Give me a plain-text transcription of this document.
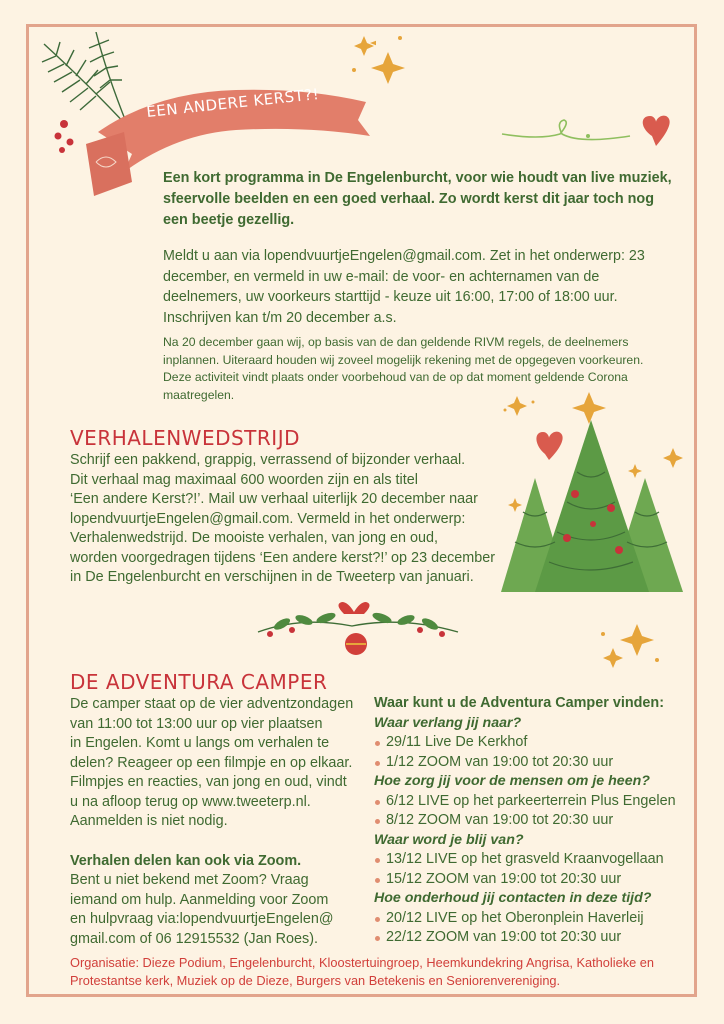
EEN ANDERE KERST?!
Een kort programma in De Engelenburcht, voor wie houdt van live muziek, sfeervolle beelden en een goed verhaal. Zo wordt kerst dit jaar toch nog een beetje gezellig.
Meldt u aan via lopendvuurtjeEngelen@gmail.com. Zet in het onderwerp: 23 december, en vermeld in uw e-mail: de voor- en achternamen van de deelnemers, uw voorkeurs starttijd - keuze uit 16:00, 17:00 of 18:00 uur. Inschrijven kan t/m 20 december a.s.
Na 20 december gaan wij, op basis van de dan geldende RIVM regels, de deelnemers inplannen. Uiteraard houden wij zoveel mogelijk rekening met de opgegeven voorkeuren. Deze activiteit vindt plaats onder voorbehoud van de op dat moment geldende Corona maatregelen.
VERHALENWEDSTRIJD
Schrijf een pakkend, grappig, verrassend of bijzonder verhaal.
Dit verhaal mag maximaal 600 woorden zijn en als titel
‘Een andere Kerst?!’. Mail uw verhaal uiterlijk 20 december naar
lopendvuurtjeEngelen@gmail.com. Vermeld in het onderwerp:
Verhalenwedstrijd. De mooiste verhalen, van jong en oud,
worden voorgedragen tijdens ‘Een andere kerst?!’ op 23 december
in De Engelenburcht en verschijnen in de Tweeterp van januari.
DE ADVENTURA CAMPER
De camper staat op de vier adventzondagen
van 11:00 tot 13:00 uur op vier plaatsen
in Engelen. Komt u langs om verhalen te
delen? Reageer op een filmpje en op elkaar.
Filmpjes en reacties, van jong en oud, vindt
u na afloop terug op www.tweeterp.nl.
Aanmelden is niet nodig.
Verhalen delen kan ook via Zoom.
Bent u niet bekend met Zoom? Vraag
iemand om hulp. Aanmelding voor Zoom
en hulpvraag via:lopendvuurtjeEngelen@
gmail.com of 06 12915532 (Jan Roes).
Waar kunt u de Adventura Camper vinden:
Waar verlang jij naar?
29/11 Live De Kerkhof
1/12 ZOOM van 19:00 tot 20:30 uur
Hoe zorg jij voor de mensen om je heen?
6/12 LIVE op het parkeerterrein Plus Engelen
8/12 ZOOM van 19:00 tot 20:30 uur
Waar word je blij van?
13/12 LIVE op het grasveld Kraanvogellaan
15/12 ZOOM van 19:00 tot 20:30 uur
Hoe onderhoud jij contacten in deze tijd?
20/12 LIVE op het Oberonplein Haverleij
22/12 ZOOM van 19:00 tot 20:30 uur
Organisatie: Dieze Podium, Engelenburcht, Kloostertuingroep, Heemkundekring Angrisa, Katholieke en
Protestantse kerk, Muziek op de Dieze, Burgers van Betekenis en Seniorenvereniging.
